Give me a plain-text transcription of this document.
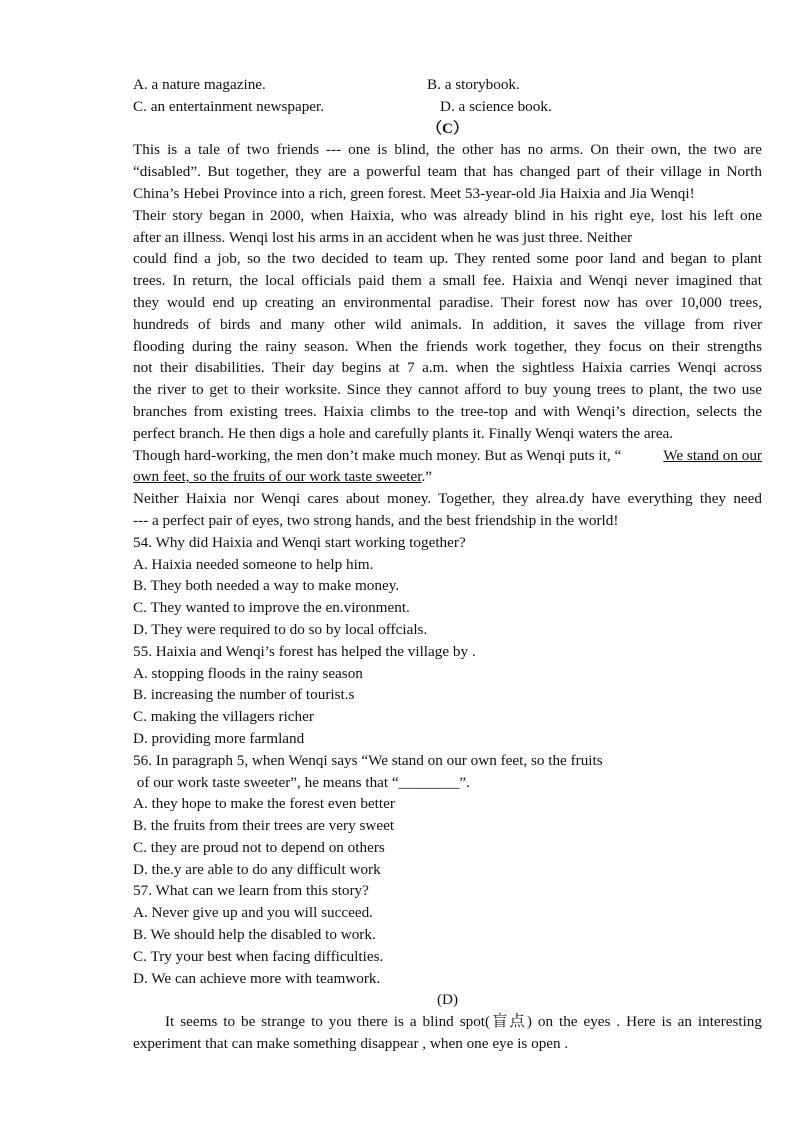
A. a nature magazine.	B. a storybook.
C. an entertainment newspaper.	D. a science book.
（C）
This is a tale of two friends --- one is blind, the other has no arms. On their own, the two are
“disabled”. But together, they are a powerful team that has changed part of their village in North
China’s Hebei Province into a rich, green forest. Meet 53-year-old Jia Haixia and Jia Wenqi!
Their story began in 2000, when Haixia, who was already blind in his right eye, lost his left one
after an illness. Wenqi lost his arms in an accident when he was just three. Neither
could find a job, so the two decided to team up. They rented some poor land and began to plant
trees. In return, the local officials paid them a small fee. Haixia and Wenqi never imagined that
they would end up creating an environmental paradise. Their forest now has over 10,000 trees,
hundreds of birds and many other wild animals. In addition, it saves the village from river
flooding during the rainy season. When the friends work together, they focus on their strengths
not their disabilities. Their day begins at 7 a.m. when the sightless Haixia carries Wenqi across
the river to get to their worksite. Since they cannot afford to buy young trees to plant, the two use
branches from existing trees. Haixia climbs to the tree-top and with Wenqi’s direction, selects the
perfect branch. He then digs a hole and carefully plants it. Finally Wenqi waters the area.
Though hard-working, the men don’t make much money. But as Wenqi puts it, “	We stand on our
own feet, so the fruits of our work taste sweeter.”
Neither Haixia nor Wenqi cares about money. Together, they alrea.dy have everything they need
--- a perfect pair of eyes, two strong hands, and the best friendship in the world!
54. Why did Haixia and Wenqi start working together?
A. Haixia needed someone to help him.
B. They both needed a way to make money.
C. They wanted to improve the en.vironment.
D. They were required to do so by local offcials.
55. Haixia and Wenqi’s forest has helped the village by .
A. stopping floods in the rainy season
B. increasing the number of tourist.s
C. making the villagers richer
D. providing more farmland
56. In paragraph 5, when Wenqi says “We stand on our own feet, so the fruits
of our work taste sweeter”, he means that “________”.
A. they hope to make the forest even better
B. the fruits from their trees are very sweet
C. they are proud not to depend on others
D. the.y are able to do any difficult work
57. What can we learn from this story?
A. Never give up and you will succeed.
B. We should help the disabled to work.
C. Try your best when facing difficulties.
D. We can achieve more with teamwork.
(D)
It seems to be strange to you there is a blind spot(盲点) on the eyes . Here is an interesting
experiment that can make something disappear , when one eye is open .
